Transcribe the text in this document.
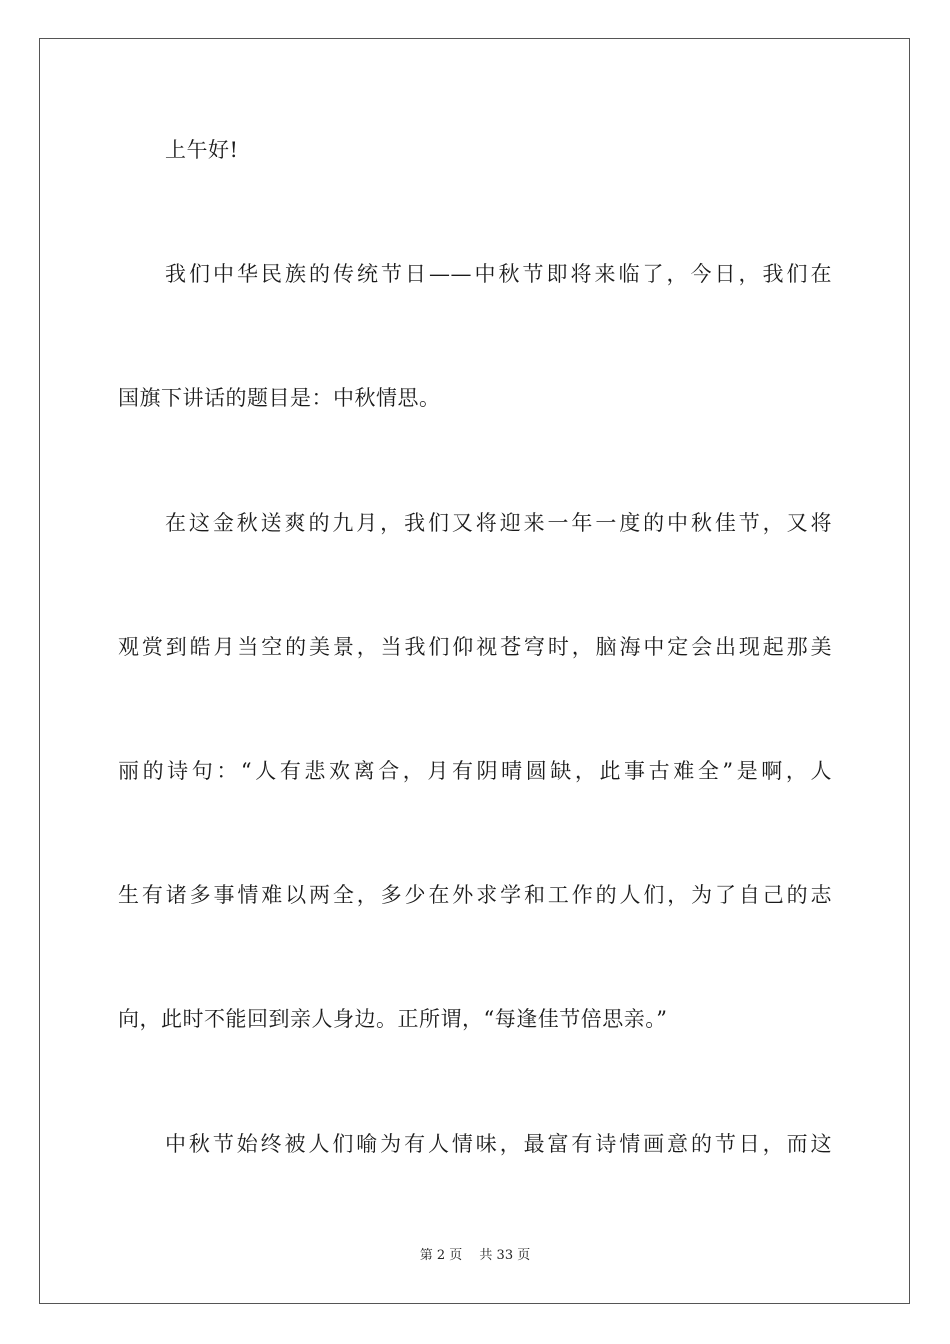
上午好!
我们中华民族的传统节日——中秋节即将来临了，今日，我们在
国旗下讲话的题目是：中秋情思。
在这金秋送爽的九月，我们又将迎来一年一度的中秋佳节，又将
观赏到皓月当空的美景，当我们仰视苍穹时，脑海中定会出现起那美
丽的诗句：“人有悲欢离合，月有阴晴圆缺，此事古难全”是啊，人
生有诸多事情难以两全，多少在外求学和工作的人们，为了自己的志
向，此时不能回到亲人身边。正所谓，“每逢佳节倍思亲。”
中秋节始终被人们喻为有人情味，最富有诗情画意的节日，而这
第 2 页　 共 33 页
